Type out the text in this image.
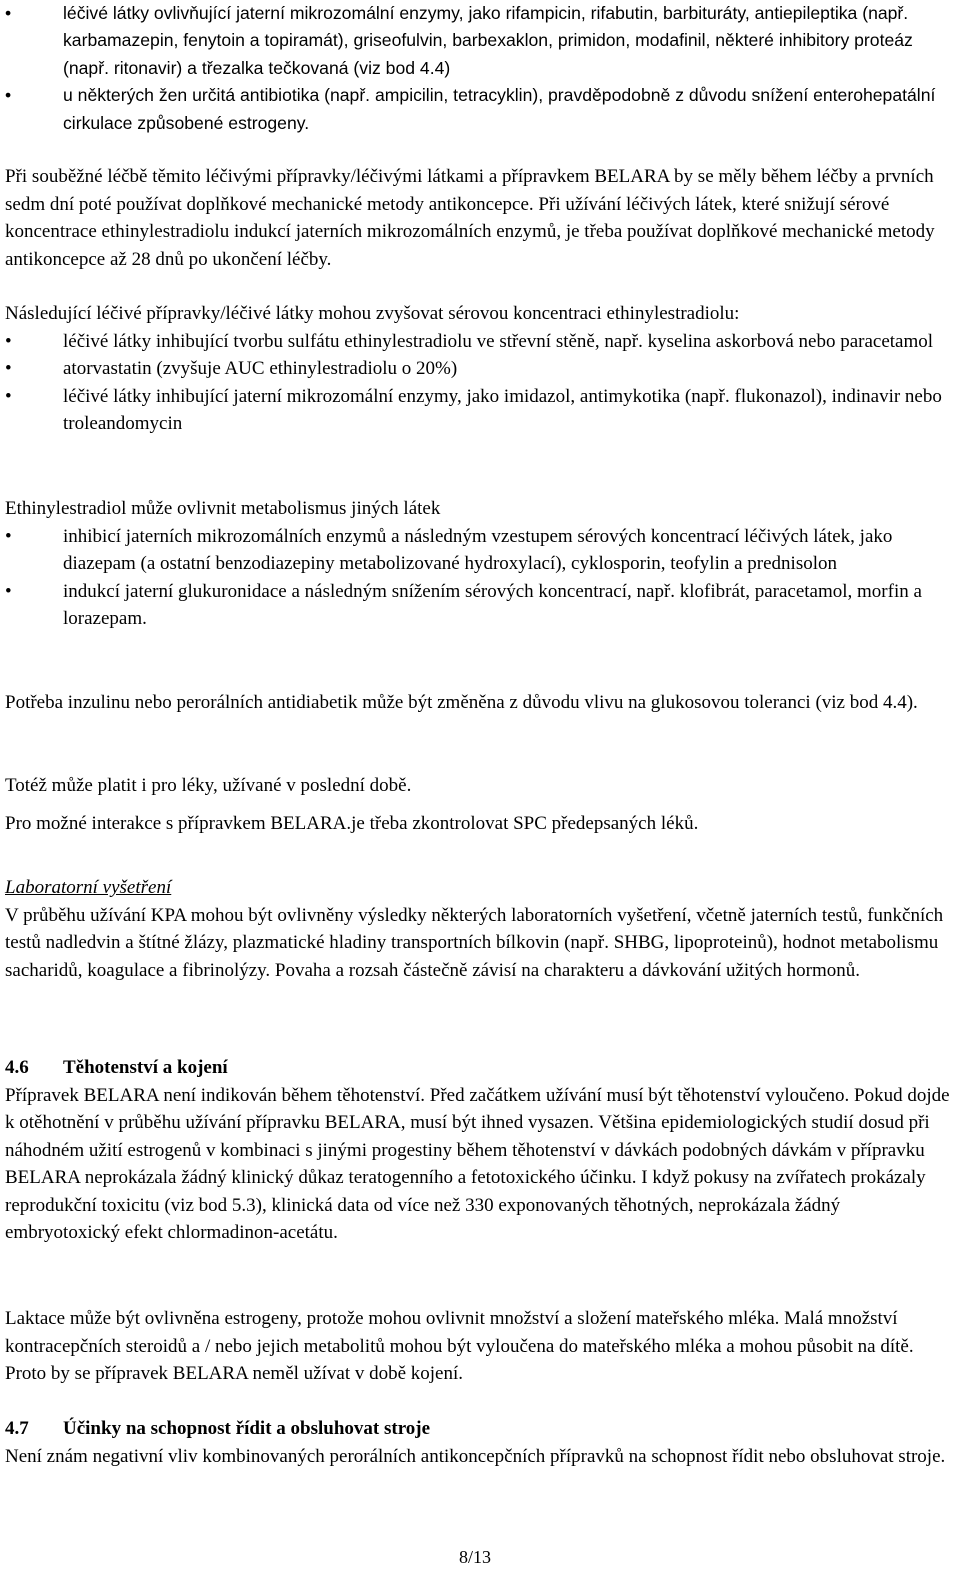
•	léčivé látky ovlivňující jaterní mikrozomální enzymy, jako rifampicin, rifabutin, barbituráty, antiepileptika (např. karbamazepin, fenytoin a topiramát), griseofulvin, barbexaklon, primidon, modafinil, některé inhibitory proteáz (např. ritonavir) a třezalka tečkovaná (viz bod 4.4)
•	u některých žen určitá antibiotika (např. ampicilin, tetracyklin), pravděpodobně z důvodu snížení enterohepatální cirkulace způsobené estrogeny.

Při souběžné léčbě těmito léčivými přípravky/léčivými látkami a přípravkem BELARA by se měly během léčby a prvních sedm dní poté používat doplňkové mechanické metody antikoncepce. Při užívání léčivých látek, které snižují sérové koncentrace ethinylestradiolu indukcí jaterních mikrozomálních enzymů, je třeba používat doplňkové mechanické metody antikoncepce až 28 dnů po ukončení léčby.

Následující léčivé přípravky/léčivé látky mohou zvyšovat sérovou koncentraci ethinylestradiolu:

•	léčivé látky inhibující tvorbu sulfátu ethinylestradiolu ve střevní stěně, např. kyselina askorbová nebo paracetamol
•	atorvastatin (zvyšuje AUC ethinylestradiolu o 20%)
•	léčivé látky inhibující jaterní mikrozomální enzymy, jako imidazol, antimykotika (např. flukonazol), indinavir nebo troleandomycin

Ethinylestradiol může ovlivnit metabolismus jiných látek

•	inhibicí jaterních mikrozomálních enzymů a následným vzestupem sérových koncentrací léčivých látek, jako diazepam (a ostatní benzodiazepiny metabolizované hydroxylací), cyklosporin, teofylin a prednisolon
•	indukcí jaterní glukuronidace a následným snížením sérových koncentrací, např. klofibrát, paracetamol, morfin a lorazepam.

Potřeba inzulinu nebo perorálních antidiabetik může být změněna z důvodu vlivu na glukosovou toleranci (viz bod 4.4).

Totéž může platit i pro léky, užívané v poslední době.

Pro možné interakce s přípravkem BELARA.je třeba zkontrolovat SPC předepsaných léků.

Laboratorní vyšetření

V průběhu užívání KPA mohou být ovlivněny výsledky některých laboratorních vyšetření, včetně jaterních testů, funkčních testů nadledvin a štítné žlázy, plazmatické hladiny transportních bílkovin (např. SHBG, lipoproteinů), hodnot metabolismu sacharidů, koagulace a fibrinolýzy. Povaha a rozsah částečně závisí na charakteru a dávkování užitých hormonů.

4.6 Těhotenství a kojení

Přípravek BELARA není indikován během těhotenství. Před začátkem užívání musí být těhotenství vyloučeno. Pokud dojde k otěhotnění v průběhu užívání přípravku BELARA, musí být ihned vysazen. Většina epidemiologických studií dosud při náhodném užití estrogenů v kombinaci s jinými progestiny během těhotenství v dávkách podobných dávkám v přípravku BELARA neprokázala žádný klinický důkaz teratogenního a fetotoxického účinku. I když pokusy na zvířatech prokázaly reprodukční toxicitu (viz bod 5.3), klinická data od více než 330 exponovaných těhotných, neprokázala žádný embryotoxický efekt chlormadinon-acetátu.

Laktace může být ovlivněna estrogeny, protože mohou ovlivnit množství a složení mateřského mléka. Malá množství kontracepčních steroidů a / nebo jejich metabolitů mohou být vyloučena do mateřského mléka a mohou působit na dítě. Proto by se přípravek BELARA neměl užívat v době kojení.

4.7 Účinky na schopnost řídit a obsluhovat stroje

Není znám negativní vliv kombinovaných perorálních antikoncepčních přípravků na schopnost řídit nebo obsluhovat stroje.

8/13
